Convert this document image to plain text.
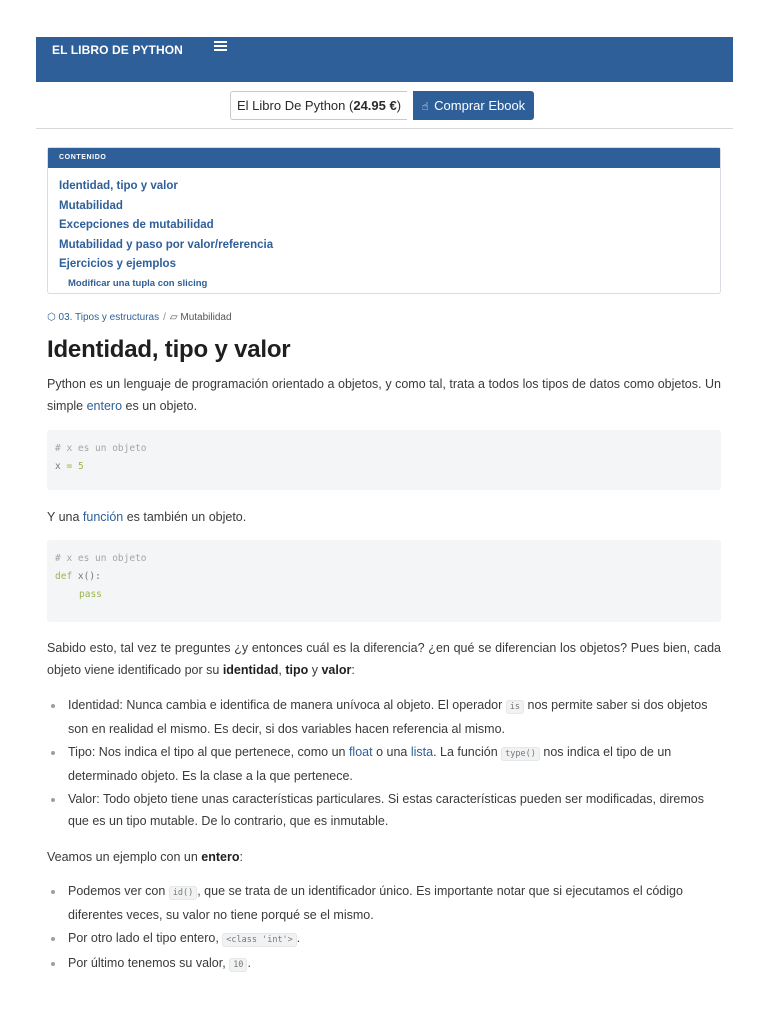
EL LIBRO DE PYTHON
El Libro De Python (24.95 €)	☝ Comprar Ebook
CONTENIDO
Identidad, tipo y valor
Mutabilidad
Excepciones de mutabilidad
Mutabilidad y paso por valor/referencia
Ejercicios y ejemplos
Modificar una tupla con slicing
⬡ 03. Tipos y estructuras / ▱ Mutabilidad
Identidad, tipo y valor

Python es un lenguaje de programación orientado a objetos, y como tal, trata a todos los tipos de datos como objetos. Un simple entero es un objeto.

# x es un objeto
x = 5

Y una función es también un objeto.

# x es un objeto
def x():
pass

Sabido esto, tal vez te preguntes ¿y entonces cuál es la diferencia? ¿en qué se diferencian los objetos? Pues bien, cada objeto viene identificado por su identidad, tipo y valor:

Identidad: Nunca cambia e identifica de manera unívoca al objeto. El operador is nos permite saber si dos objetos son en realidad el mismo. Es decir, si dos variables hacen referencia al mismo.
Tipo: Nos indica el tipo al que pertenece, como un float o una lista. La función type() nos indica el tipo de un determinado objeto. Es la clase a la que pertenece.
Valor: Todo objeto tiene unas características particulares. Si estas características pueden ser modificadas, diremos que es un tipo mutable. De lo contrario, que es inmutable.

Veamos un ejemplo con un entero:

Podemos ver con id() , que se trata de un identificador único. Es importante notar que si ejecutamos el código diferentes veces, su valor no tiene porqué se el mismo.
Por otro lado el tipo entero, <class 'int'> .
Por último tenemos su valor, 10 .
